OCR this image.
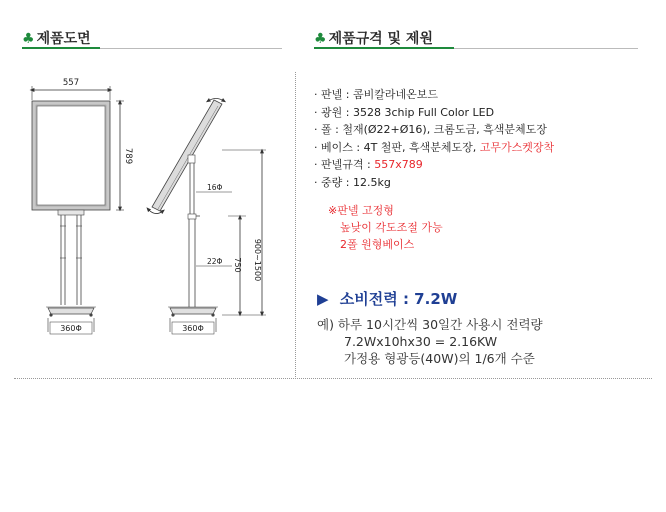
♣ 제품도면	♣ 제품규격 및 제원
557
789
360Φ
16Φ
22Φ	900~1500
750
360Φ
· 판넬 : 콤비칼라네온보드
· 광원 : 3528 3chip Full Color LED
· 폴 : 철재(Ø22+Ø16), 크롬도금, 흑색분체도장
· 베이스 : 4T 철판, 흑색분체도장, 고무가스켓장착
· 판넬규격 : 557x789
· 중량 : 12.5kg
※판넬 고정형
높낮이 각도조절 가능
2폴 원형베이스
▶ 소비전력 : 7.2W
예) 하루 10시간씩 30일간 사용시 전력량
7.2Wx10hx30 = 2.16KW
가정용 형광등(40W)의 1/6개 수준
